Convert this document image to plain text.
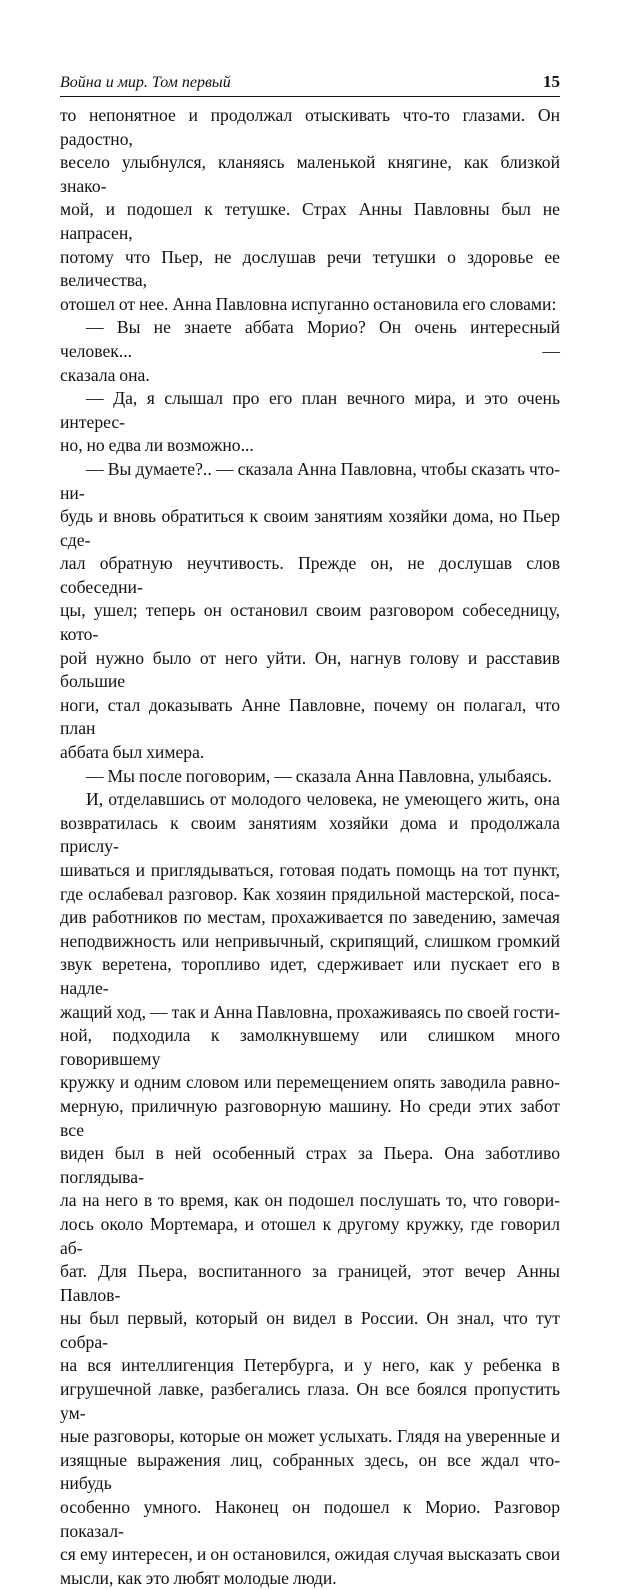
Война и мир. Том первый	15

то непонятное и продолжал отыскивать что-то глазами. Он радостно,

весело улыбнулся, кланяясь маленькой княгине, как близкой знако-

мой, и подошел к тетушке. Страх Анны Павловны был не напрасен,

потому что Пьер, не дослушав речи тетушки о здоровье ее величества,

отошел от нее. Анна Павловна испуганно остановила его словами:

— Вы не знаете аббата Морио? Он очень интересный человек... —

сказала она.

— Да, я слышал про его план вечного мира, и это очень интерес-

но, но едва ли возможно...

— Вы думаете?.. — сказала Анна Павловна, чтобы сказать что-ни-

будь и вновь обратиться к своим занятиям хозяйки дома, но Пьер сде-

лал обратную неучтивость. Прежде он, не дослушав слов собеседни-

цы, ушел; теперь он остановил своим разговором собеседницу, кото-

рой нужно было от него уйти. Он, нагнув голову и расставив большие

ноги, стал доказывать Анне Павловне, почему он полагал, что план

аббата был химера.

— Мы после поговорим, — сказала Анна Павловна, улыбаясь.

И, отделавшись от молодого человека, не умеющего жить, она

возвратилась к своим занятиям хозяйки дома и продолжала прислу-

шиваться и приглядываться, готовая подать помощь на тот пункт,

где ослабевал разговор. Как хозяин прядильной мастерской, поса-

див работников по местам, прохаживается по заведению, замечая

неподвижность или непривычный, скрипящий, слишком громкий

звук веретена, торопливо идет, сдерживает или пускает его в надле-

жащий ход, — так и Анна Павловна, прохаживаясь по своей гости-

ной, подходила к замолкнувшему или слишком много говорившему

кружку и одним словом или перемещением опять заводила равно-

мерную, приличную разговорную машину. Но среди этих забот все

виден был в ней особенный страх за Пьера. Она заботливо поглядыва-

ла на него в то время, как он подошел послушать то, что говори-

лось около Мортемара, и отошел к другому кружку, где говорил аб-

бат. Для Пьера, воспитанного за границей, этот вечер Анны Павлов-

ны был первый, который он видел в России. Он знал, что тут собра-

на вся интеллигенция Петербурга, и у него, как у ребенка в

игрушечной лавке, разбегались глаза. Он все боялся пропустить ум-

ные разговоры, которые он может услыхать. Глядя на уверенные и

изящные выражения лиц, собранных здесь, он все ждал что-нибудь

особенно умного. Наконец он подошел к Морио. Разговор показал-

ся ему интересен, и он остановился, ожидая случая высказать свои

мысли, как это любят молодые люди.
